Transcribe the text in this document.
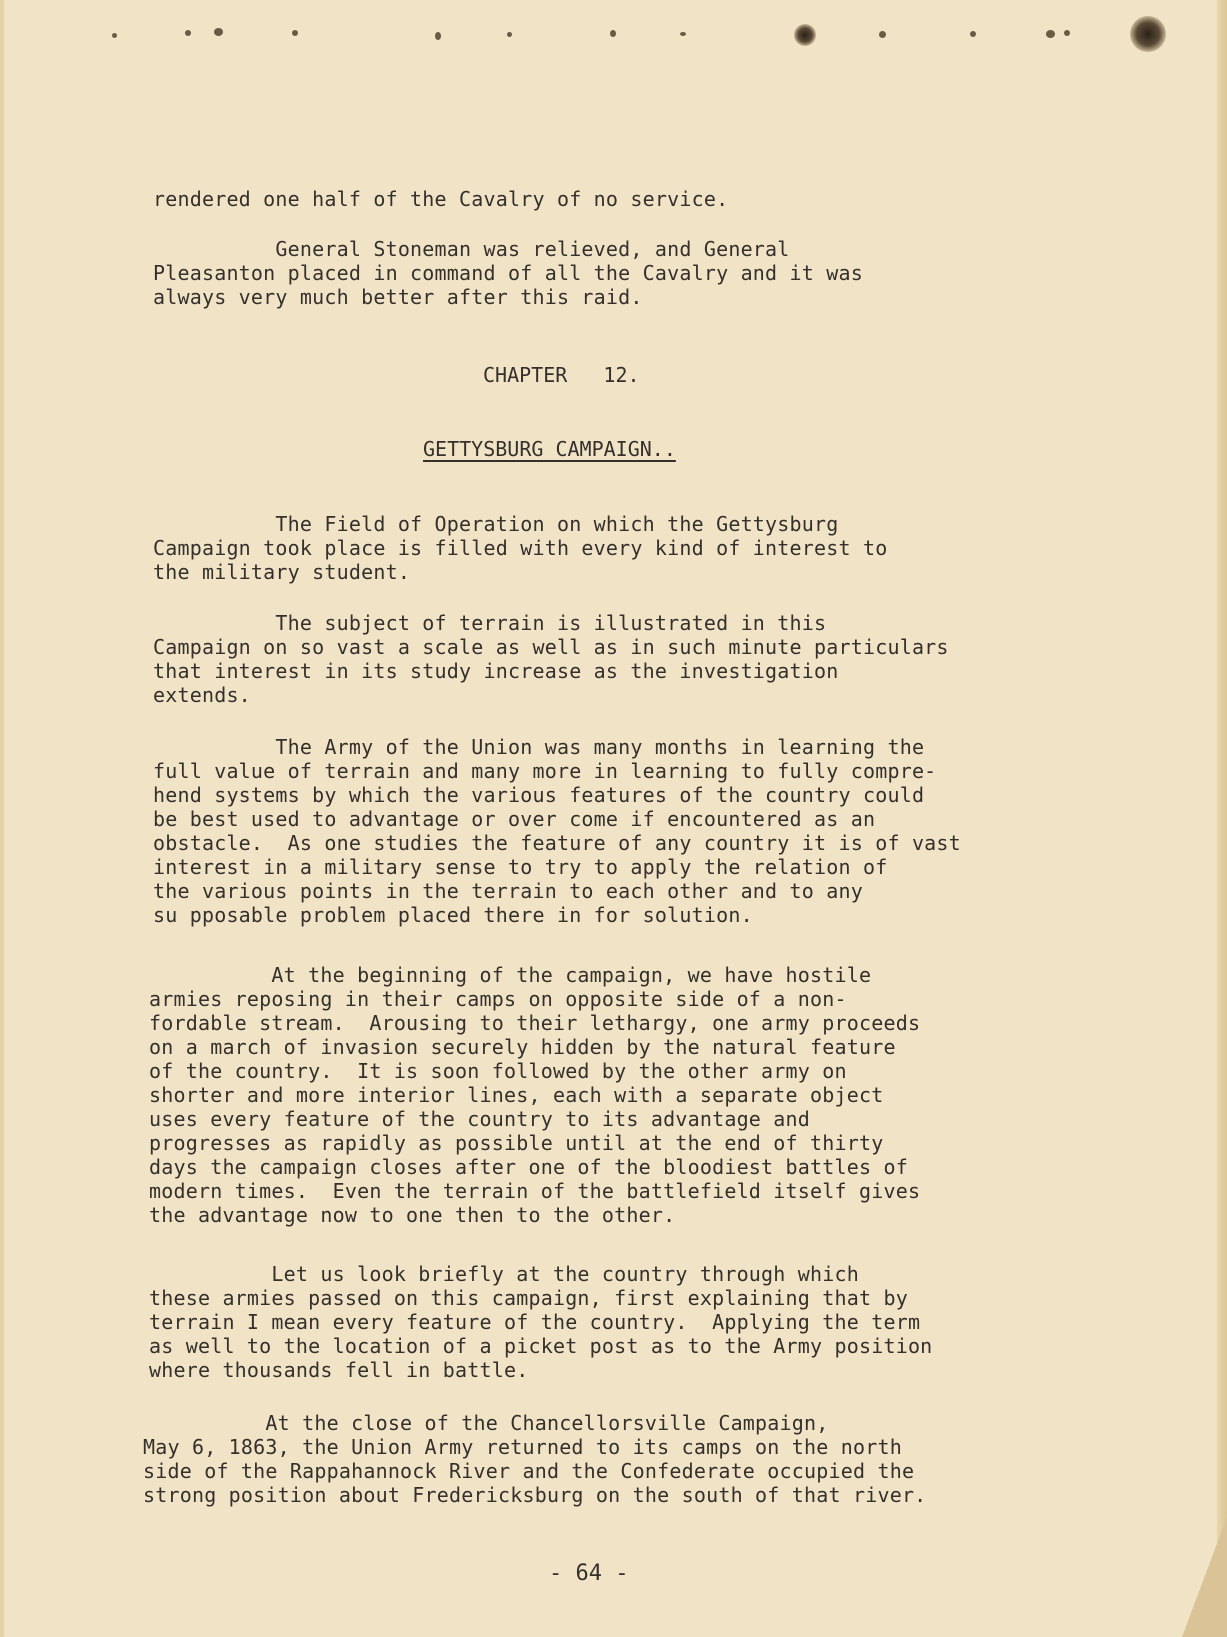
rendered one half of the Cavalry of no service.

General Stoneman was relieved, and General
Pleasanton placed in command of all the Cavalry and it was
always very much better after this raid.

CHAPTER   12.

GETTYSBURG CAMPAIGN..

The Field of Operation on which the Gettysburg
Campaign took place is filled with every kind of interest to
the military student.

The subject of terrain is illustrated in this
Campaign on so vast a scale as well as in such minute particulars
that interest in its study increase as the investigation
extends.

The Army of the Union was many months in learning the
full value of terrain and many more in learning to fully compre-
hend systems by which the various features of the country could
be best used to advantage or over come if encountered as an
obstacle.  As one studies the feature of any country it is of vast
interest in a military sense to try to apply the relation of
the various points in the terrain to each other and to any
su pposable problem placed there in for solution.

At the beginning of the campaign, we have hostile
armies reposing in their camps on opposite side of a non-
fordable stream.  Arousing to their lethargy, one army proceeds
on a march of invasion securely hidden by the natural feature
of the country.  It is soon followed by the other army on
shorter and more interior lines, each with a separate object
uses every feature of the country to its advantage and
progresses as rapidly as possible until at the end of thirty
days the campaign closes after one of the bloodiest battles of
modern times.  Even the terrain of the battlefield itself gives
the advantage now to one then to the other.

Let us look briefly at the country through which
these armies passed on this campaign, first explaining that by
terrain I mean every feature of the country.  Applying the term
as well to the location of a picket post as to the Army position
where thousands fell in battle.

At the close of the Chancellorsville Campaign,
May 6, 1863, the Union Army returned to its camps on the north
side of the Rappahannock River and the Confederate occupied the
strong position about Fredericksburg on the south of that river.

- 64 -
